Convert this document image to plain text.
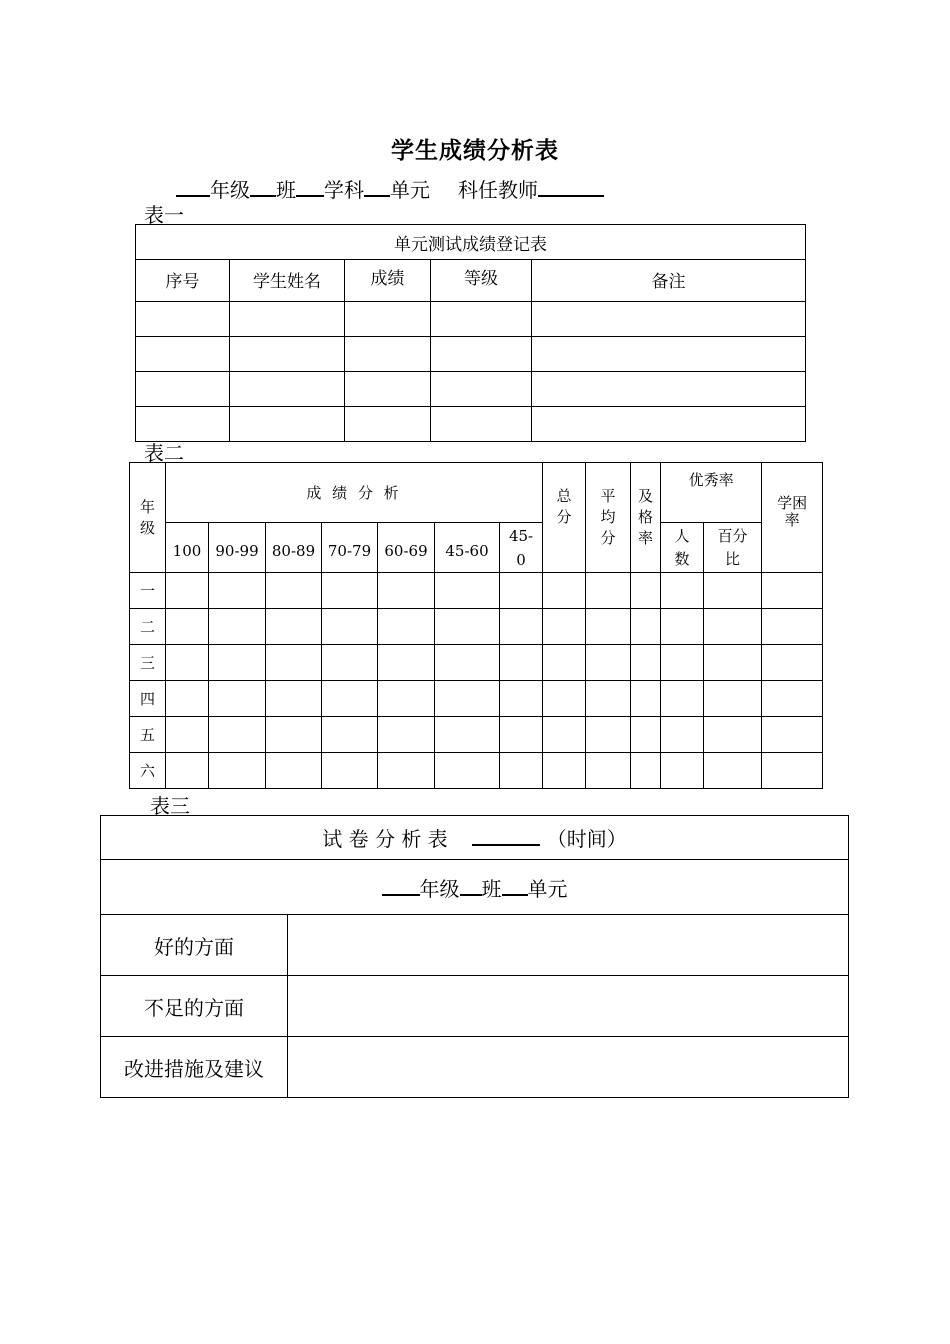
学生成绩分析表
年级 班 学科 单元 科任教师
表一
单元测试成绩登记表				
序号	学生姓名	成绩	等级	备注

表二
年级	成 绩 分 析							总分	平均分	及格率	优秀率		学困率
	100	90-99	80-89	70-79	60-69	45-60	45-0				人数	百分比	
一													
二													
三													
四													
五													
六													
表三
试 卷 分 析 表 （时间）	
年级 班 单元	
好的方面	
不足的方面	
改进措施及建议	
